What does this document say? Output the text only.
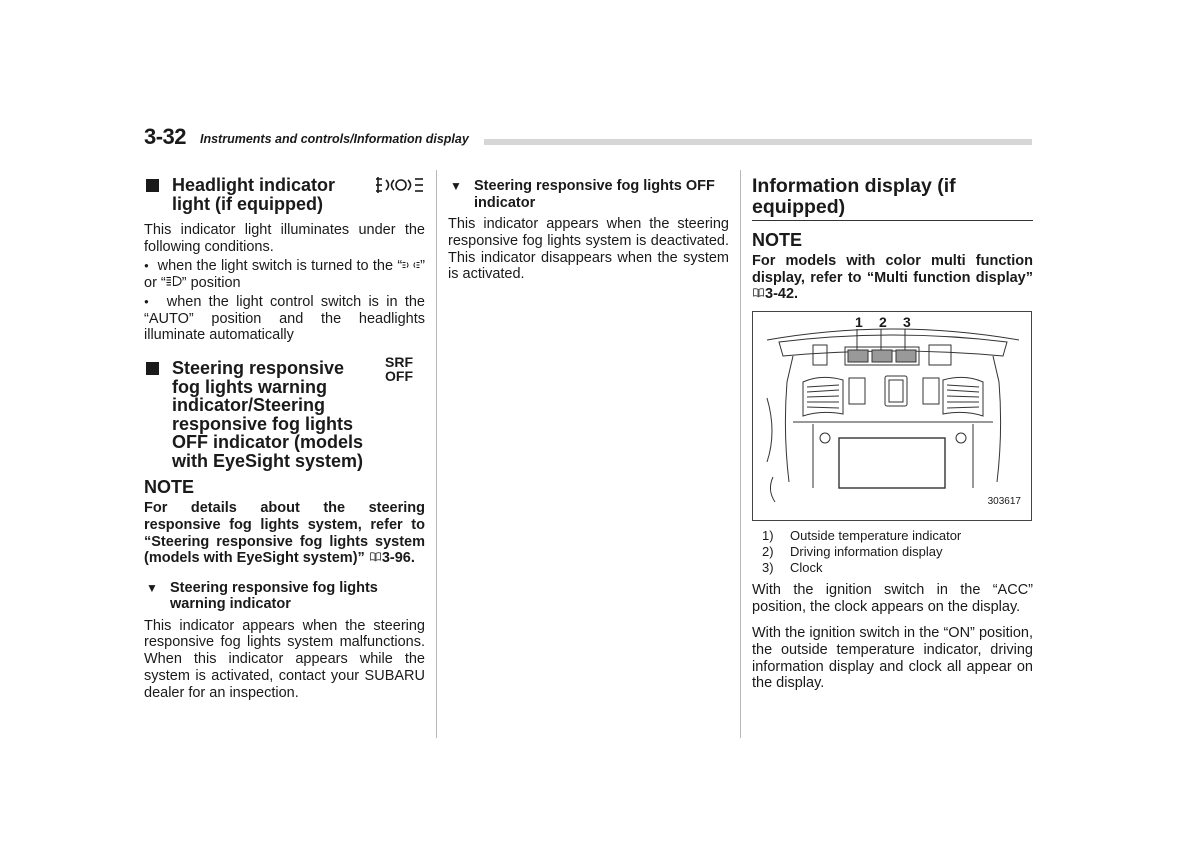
3-32 Instruments and controls/Information display
Headlight indicator light (if equipped)

This indicator light illuminates under the following conditions.

● when the light switch is turned to the “ ” or “ ” position

● when the light control switch is in the “AUTO” position and the headlights illuminate automatically

Steering responsive fog lights warning indicator/Steering responsive fog lights OFF indicator (models with EyeSight system)
SRF
OFF
NOTE

For details about the steering responsive fog lights system, refer to “Steering responsive fog lights system (models with EyeSight system)” 3-96.

▼ Steering responsive fog lights warning indicator

This indicator appears when the steering responsive fog lights system malfunctions. When this indicator appears while the system is activated, contact your SUBARU dealer for an inspection.

▼ Steering responsive fog lights OFF indicator

This indicator appears when the steering responsive fog lights system is deactivated. This indicator disappears when the system is activated.

Information display (if equipped)
NOTE

For models with color multi function display, refer to “Multi function display” 3-42.

1 2 3
303617
1) Outside temperature indicator
2) Driving information display
3) Clock

With the ignition switch in the “ACC” position, the clock appears on the display.

With the ignition switch in the “ON” position, the outside temperature indicator, driving information display and clock all appear on the display.
